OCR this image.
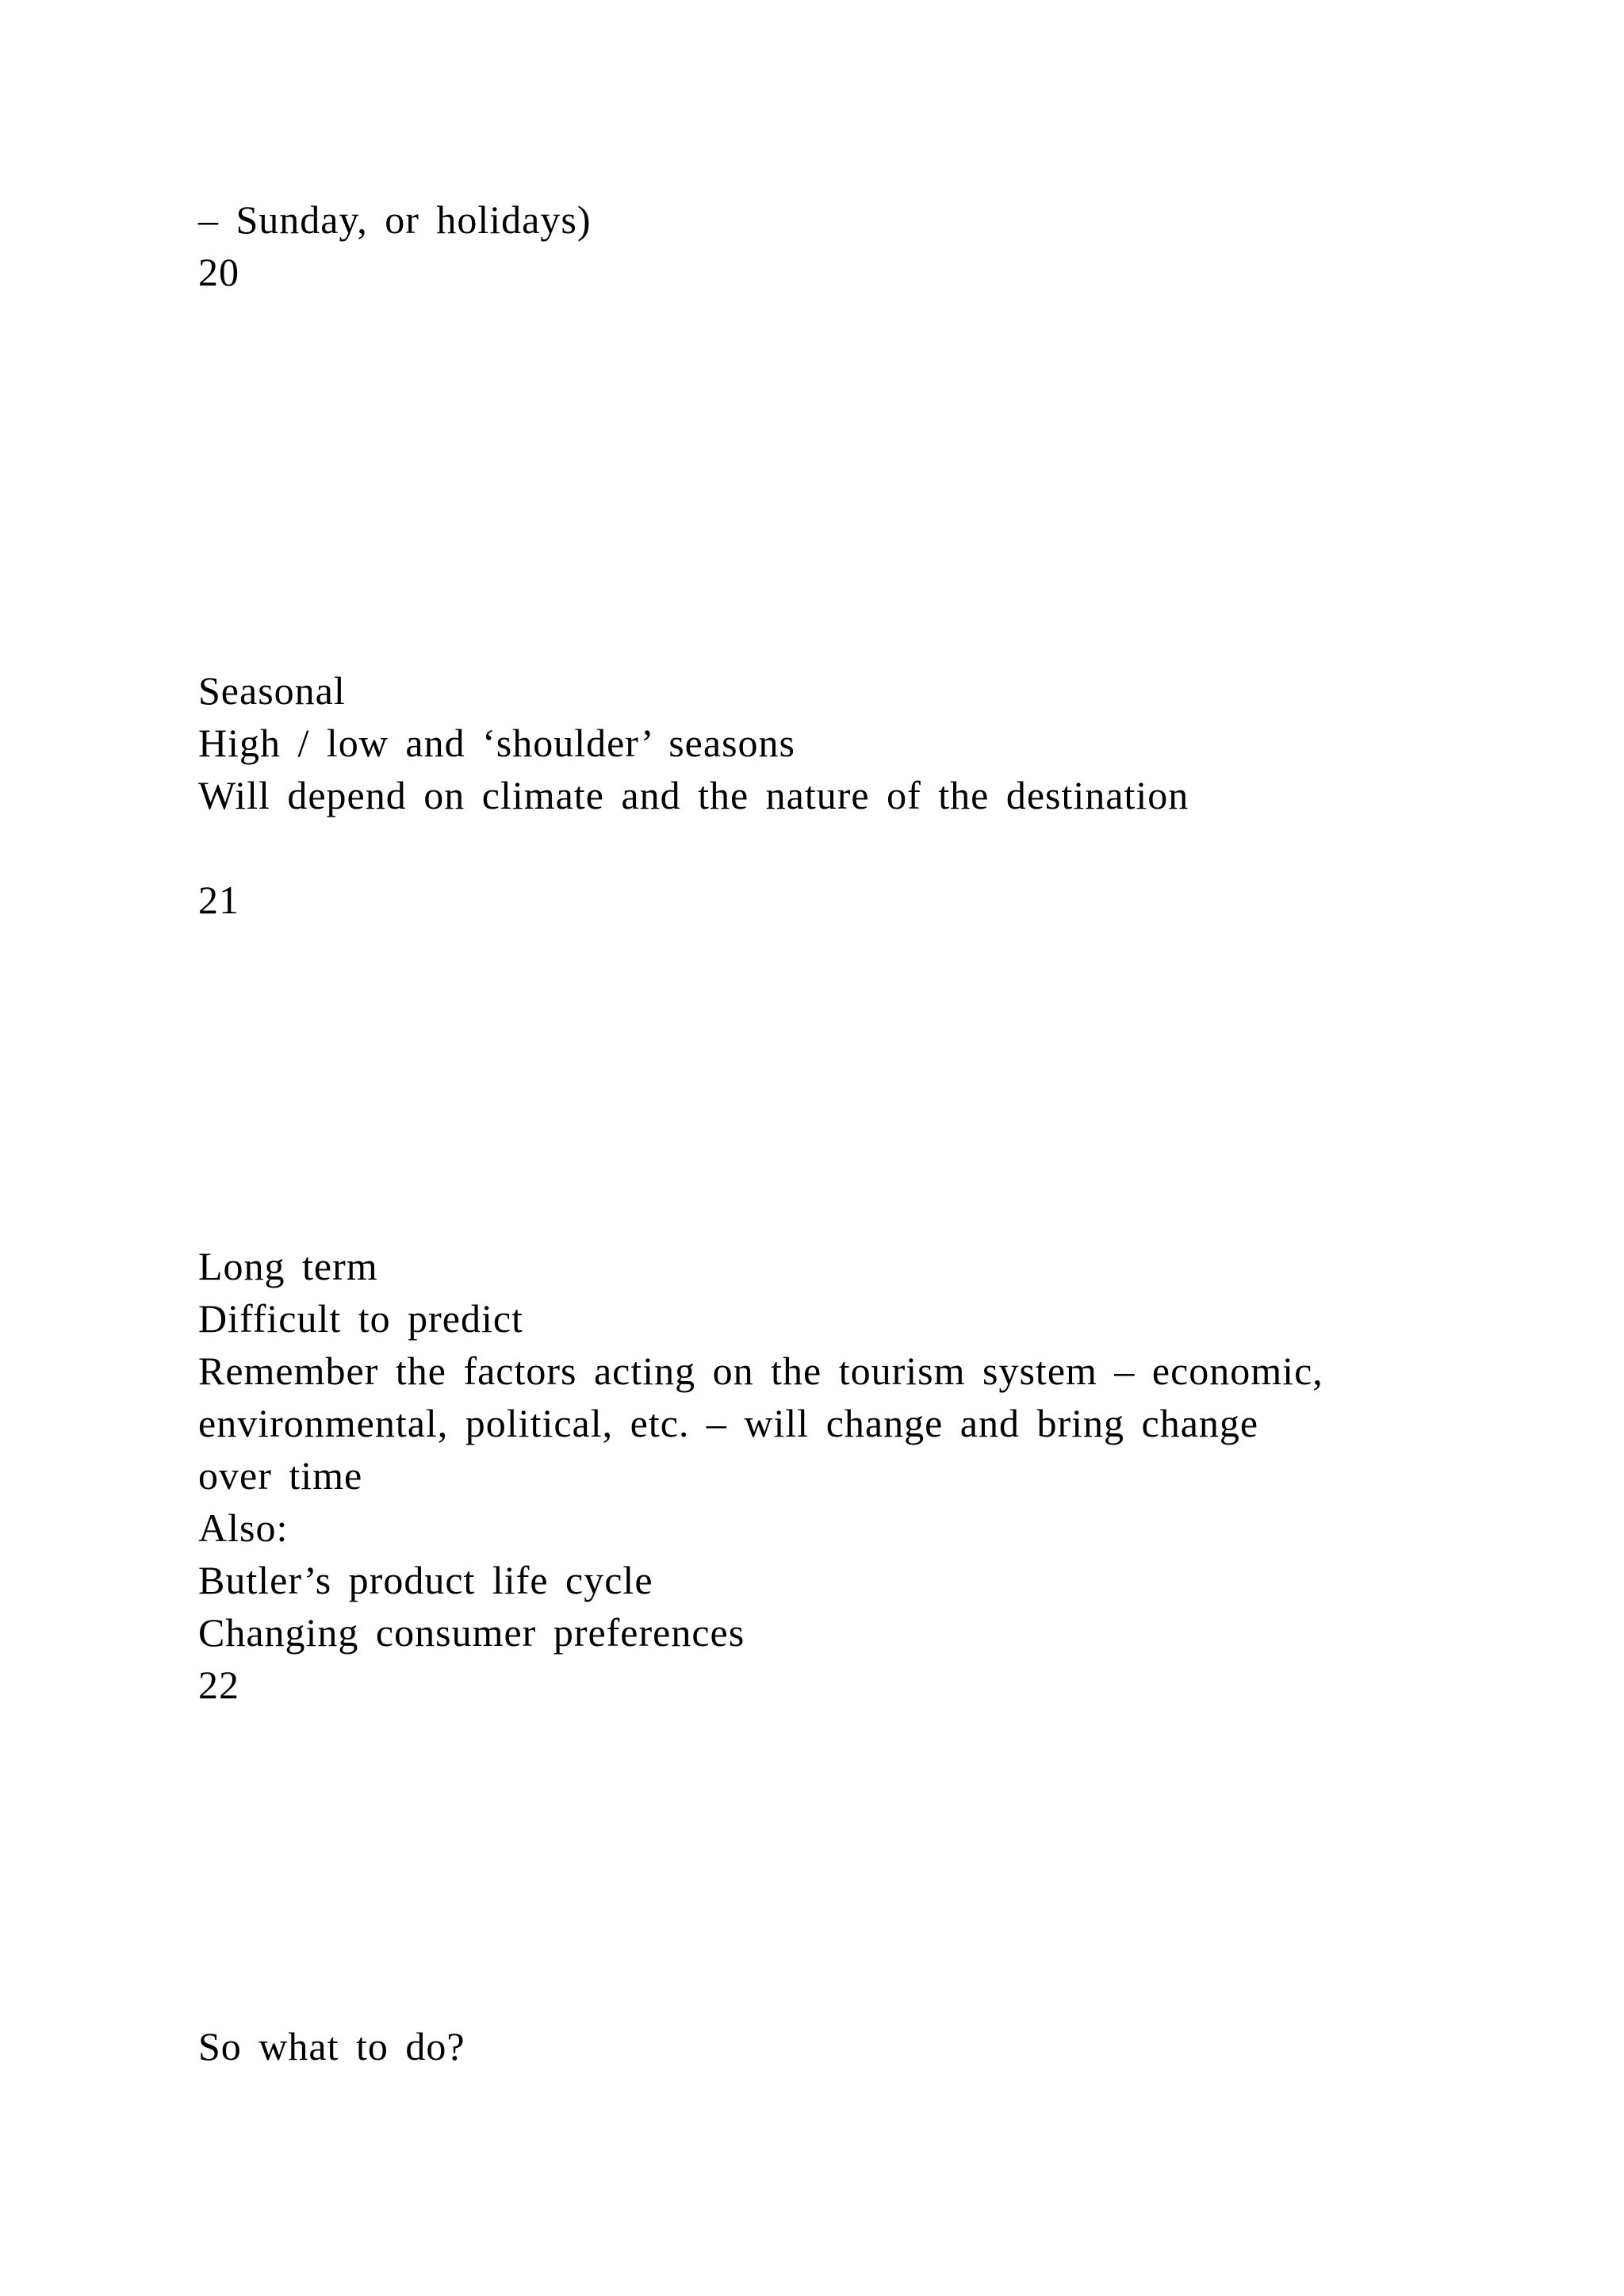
– Sunday, or holidays)
20
Seasonal
High / low and ‘shoulder’ seasons
Will depend on climate and the nature of the destination
21
Long term
Difficult to predict
Remember the factors acting on the tourism system – economic,
environmental, political, etc. – will change and bring change
over time
Also:
Butler’s product life cycle
Changing consumer preferences
22
So what to do?
